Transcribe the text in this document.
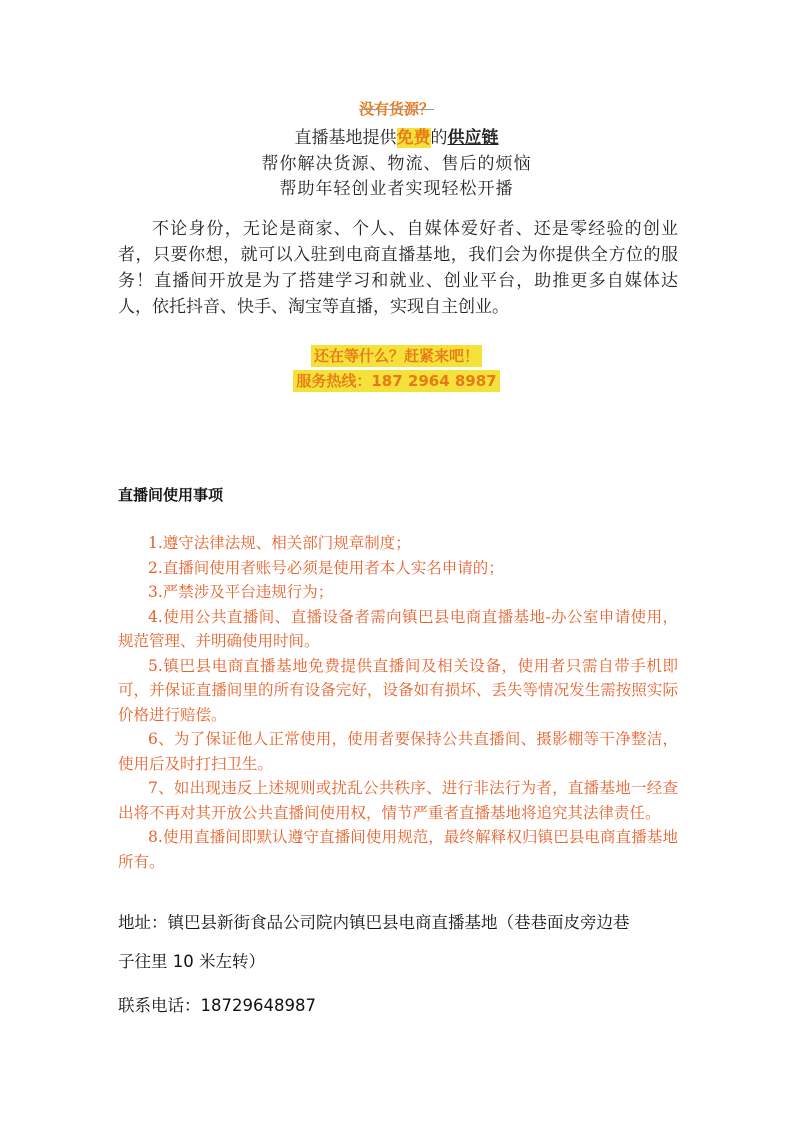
没有货源？
直播基地提供免费的供应链
帮你解决货源、物流、售后的烦恼
帮助年轻创业者实现轻松开播

不论身份，无论是商家、个人、自媒体爱好者、还是零经验的创业者，只要你想，就可以入驻到电商直播基地，我们会为你提供全方位的服务！直播间开放是为了搭建学习和就业、创业平台，助推更多自媒体达人，依托抖音、快手、淘宝等直播，实现自主创业。

还在等什么？赶紧来吧！
服务热线：187 2964 8987
直播间使用事项

1.遵守法律法规、相关部门规章制度；

2.直播间使用者账号必须是使用者本人实名申请的；

3.严禁涉及平台违规行为；

4.使用公共直播间、直播设备者需向镇巴县电商直播基地-办公室申请使用，规范管理、并明确使用时间。

5.镇巴县电商直播基地免费提供直播间及相关设备，使用者只需自带手机即可，并保证直播间里的所有设备完好，设备如有损坏、丢失等情况发生需按照实际价格进行赔偿。

6、为了保证他人正常使用，使用者要保持公共直播间、摄影棚等干净整洁，使用后及时打扫卫生。

7、如出现违反上述规则或扰乱公共秩序、进行非法行为者，直播基地一经查出将不再对其开放公共直播间使用权，情节严重者直播基地将追究其法律责任。

8.使用直播间即默认遵守直播间使用规范，最终解释权归镇巴县电商直播基地所有。

地址：镇巴县新街食品公司院内镇巴县电商直播基地（巷巷面皮旁边巷
子往里 10 米左转）
联系电话：18729648987
